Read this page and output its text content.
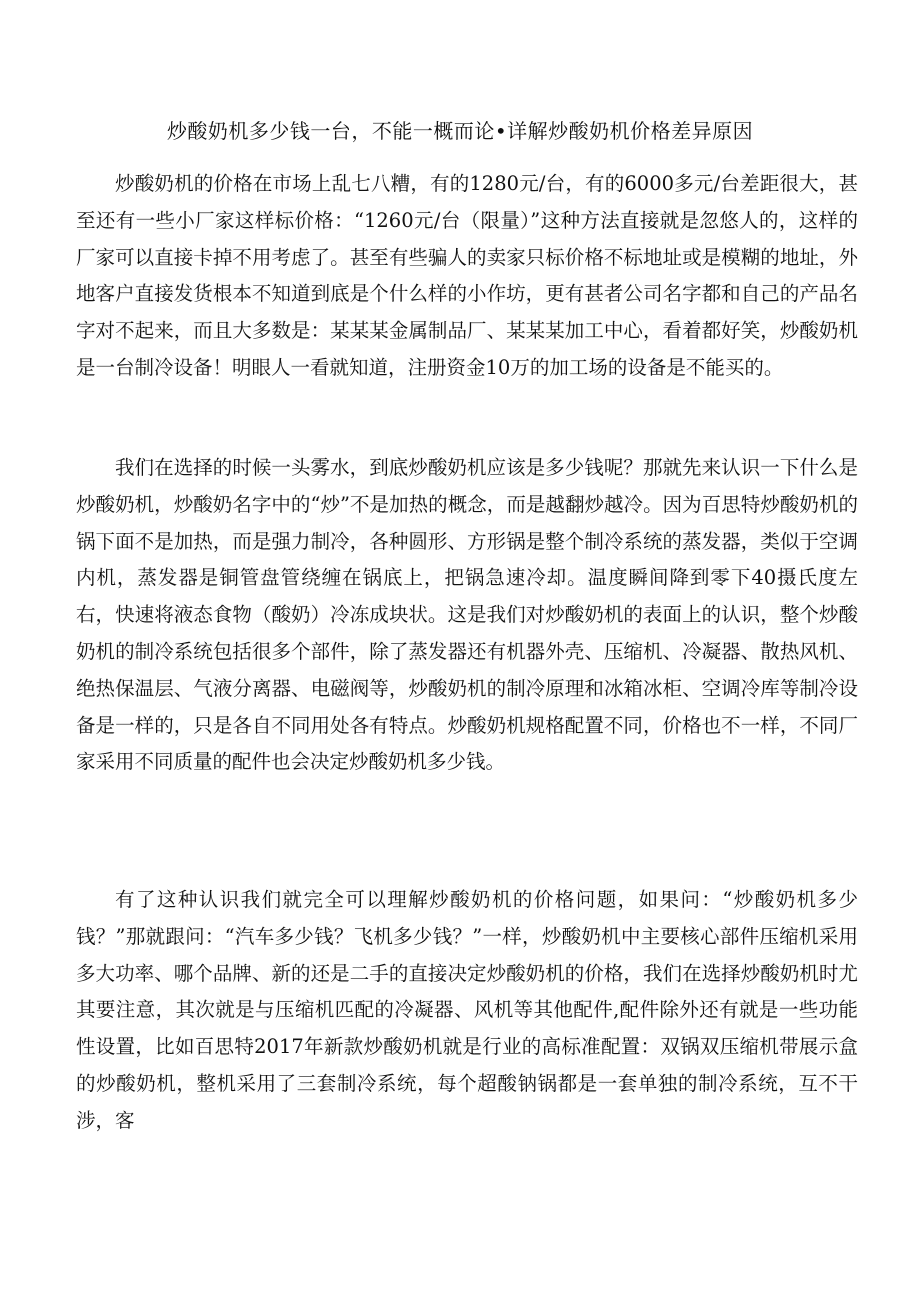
炒酸奶机多少钱一台，不能一概而论•详解炒酸奶机价格差异原因

炒酸奶机的价格在市场上乱七八糟，有的1280元/台，有的6000多元/台差距很大，甚至还有一些小厂家这样标价格：“1260元/台（限量）”这种方法直接就是忽悠人的，这样的厂家可以直接卡掉不用考虑了。甚至有些骗人的卖家只标价格不标地址或是模糊的地址，外地客户直接发货根本不知道到底是个什么样的小作坊，更有甚者公司名字都和自己的产品名字对不起来，而且大多数是：某某某金属制品厂、某某某加工中心，看着都好笑，炒酸奶机是一台制冷设备！明眼人一看就知道，注册资金10万的加工场的设备是不能买的。

我们在选择的时候一头雾水，到底炒酸奶机应该是多少钱呢？那就先来认识一下什么是炒酸奶机，炒酸奶名字中的“炒”不是加热的概念，而是越翻炒越冷。因为百思特炒酸奶机的锅下面不是加热，而是强力制冷，各种圆形、方形锅是整个制冷系统的蒸发器，类似于空调内机，蒸发器是铜管盘管绕缠在锅底上，把锅急速冷却。温度瞬间降到零下40摄氏度左右，快速将液态食物（酸奶）冷冻成块状。这是我们对炒酸奶机的表面上的认识，整个炒酸奶机的制冷系统包括很多个部件，除了蒸发器还有机器外壳、压缩机、冷凝器、散热风机、绝热保温层、气液分离器、电磁阀等，炒酸奶机的制冷原理和冰箱冰柜、空调冷库等制冷设备是一样的，只是各自不同用处各有特点。炒酸奶机规格配置不同，价格也不一样，不同厂家采用不同质量的配件也会决定炒酸奶机多少钱。

有了这种认识我们就完全可以理解炒酸奶机的价格问题，如果问：“炒酸奶机多少钱？”那就跟问：“汽车多少钱？飞机多少钱？”一样，炒酸奶机中主要核心部件压缩机采用多大功率、哪个品牌、新的还是二手的直接决定炒酸奶机的价格，我们在选择炒酸奶机时尤其要注意，其次就是与压缩机匹配的冷凝器、风机等其他配件,配件除外还有就是一些功能性设置，比如百思特2017年新款炒酸奶机就是行业的高标准配置：双锅双压缩机带展示盒的炒酸奶机，整机采用了三套制冷系统，每个超酸钠锅都是一套单独的制冷系统，互不干涉，客
